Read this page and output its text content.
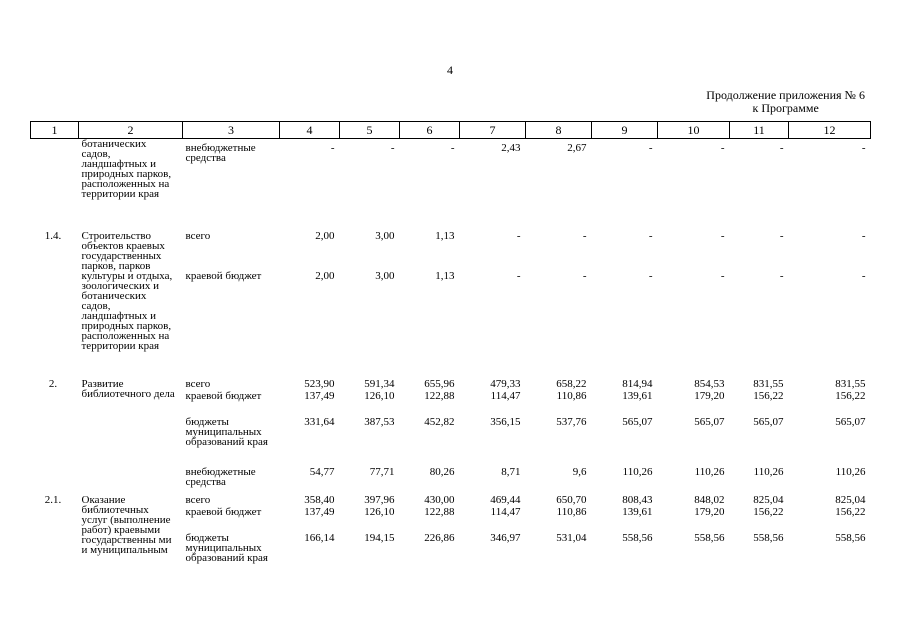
4
Продолжение приложения № 6
к Программе
1	2	3	4	5	6	7	8	9	10	11	12
	ботанических садов, ландшафтных и природных парков, расположенных на территории края	внебюджетные средства	-	-	-	2,43	2,67	-	-	-	-
1.4.	Строительство объектов краевых государственных парков, парков культуры и отдыха, зоологических и ботанических садов, ландшафтных и природных парков, расположенных на территории края	всего	2,00	3,00	1,13	-	-	-	-	-	-
		краевой бюджет	2,00	3,00	1,13	-	-	-	-	-	-
2.	Развитие библиотечного дела	всего	523,90	591,34	655,96	479,33	658,22	814,94	854,53	831,55	831,55
		краевой бюджет	137,49	126,10	122,88	114,47	110,86	139,61	179,20	156,22	156,22
		бюджеты муниципальных образований края	331,64	387,53	452,82	356,15	537,76	565,07	565,07	565,07	565,07
		внебюджетные средства	54,77	77,71	80,26	8,71	9,6	110,26	110,26	110,26	110,26
2.1.	Оказание библиотечных услуг (выполнение работ) краевыми государственны ми и муниципальным	всего	358,40	397,96	430,00	469,44	650,70	808,43	848,02	825,04	825,04
		краевой бюджет	137,49	126,10	122,88	114,47	110,86	139,61	179,20	156,22	156,22
		бюджеты муниципальных образований края	166,14	194,15	226,86	346,97	531,04	558,56	558,56	558,56	558,56
